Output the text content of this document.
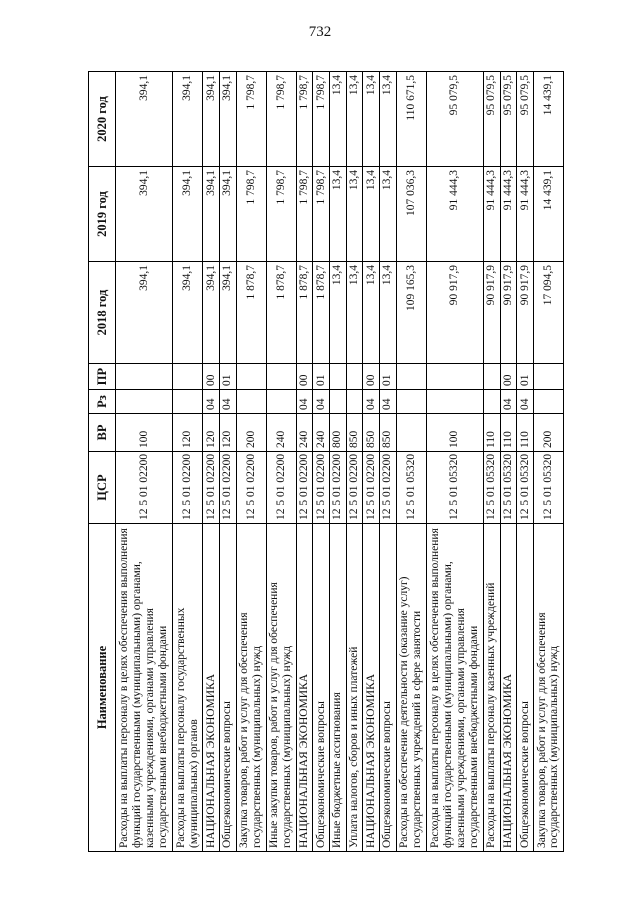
732
Наименование	ЦСР	ВР	Рз	ПР	2018 год	2019 год	2020 год
Расходы на выплаты персоналу в целях обеспечения выполнения функций государственными (муниципальными) органами, казенными учреждениями, органами управления государственными внебюджетными фондами	12 5 01 02200	100			394,1	394,1	394,1
Расходы на выплаты персоналу государственных (муниципальных) органов	12 5 01 02200	120			394,1	394,1	394,1
НАЦИОНАЛЬНАЯ ЭКОНОМИКА	12 5 01 02200	120	04	00	394,1	394,1	394,1
Общеэкономические вопросы	12 5 01 02200	120	04	01	394,1	394,1	394,1
Закупка товаров, работ и услуг для обеспечения государственных (муниципальных) нужд	12 5 01 02200	200			1 878,7	1 798,7	1 798,7
Иные закупки товаров, работ и услуг для обеспечения государственных (муниципальных) нужд	12 5 01 02200	240			1 878,7	1 798,7	1 798,7
НАЦИОНАЛЬНАЯ ЭКОНОМИКА	12 5 01 02200	240	04	00	1 878,7	1 798,7	1 798,7
Общеэкономические вопросы	12 5 01 02200	240	04	01	1 878,7	1 798,7	1 798,7
Иные бюджетные ассигнования	12 5 01 02200	800			13,4	13,4	13,4
Уплата налогов, сборов и иных платежей	12 5 01 02200	850			13,4	13,4	13,4
НАЦИОНАЛЬНАЯ ЭКОНОМИКА	12 5 01 02200	850	04	00	13,4	13,4	13,4
Общеэкономические вопросы	12 5 01 02200	850	04	01	13,4	13,4	13,4
Расходы на обеспечение деятельности (оказание услуг) государственных учреждений в сфере занятости	12 5 01 05320				109 165,3	107 036,3	110 671,5
Расходы на выплаты персоналу в целях обеспечения выполнения функций государственными (муниципальными) органами, казенными учреждениями, органами управления государственными внебюджетными фондами	12 5 01 05320	100			90 917,9	91 444,3	95 079,5
Расходы на выплаты персоналу казенных учреждений	12 5 01 05320	110			90 917,9	91 444,3	95 079,5
НАЦИОНАЛЬНАЯ ЭКОНОМИКА	12 5 01 05320	110	04	00	90 917,9	91 444,3	95 079,5
Общеэкономические вопросы	12 5 01 05320	110	04	01	90 917,9	91 444,3	95 079,5
Закупка товаров, работ и услуг для обеспечения государственных (муниципальных) нужд	12 5 01 05320	200			17 094,5	14 439,1	14 439,1
